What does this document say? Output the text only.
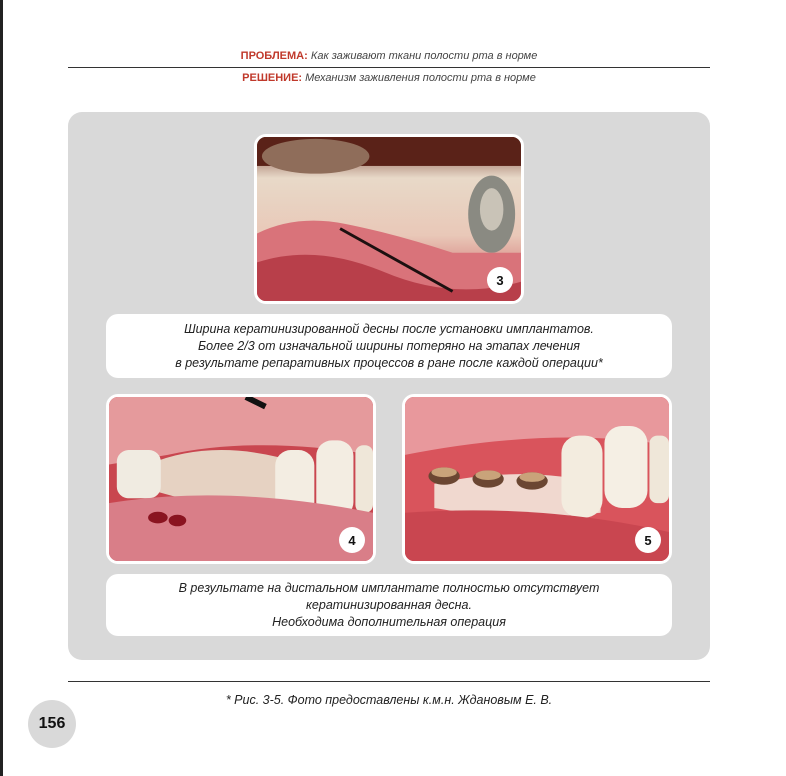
ПРОБЛЕМА: Как заживают ткани полости рта в норме
РЕШЕНИЕ: Механизм заживления полости рта в норме
3
Ширина кератинизированной десны после установки имплантатов.
Более 2/3 от изначальной ширины потеряно на этапах лечения
в результате репаративных процессов в ране после каждой операции*
4	5
В результате на дистальном имплантате полностью отсутствует
кератинизированная десна.
Необходима дополнительная операция
* Рис. 3-5. Фото предоставлены к.м.н. Ждановым Е. В.
156
